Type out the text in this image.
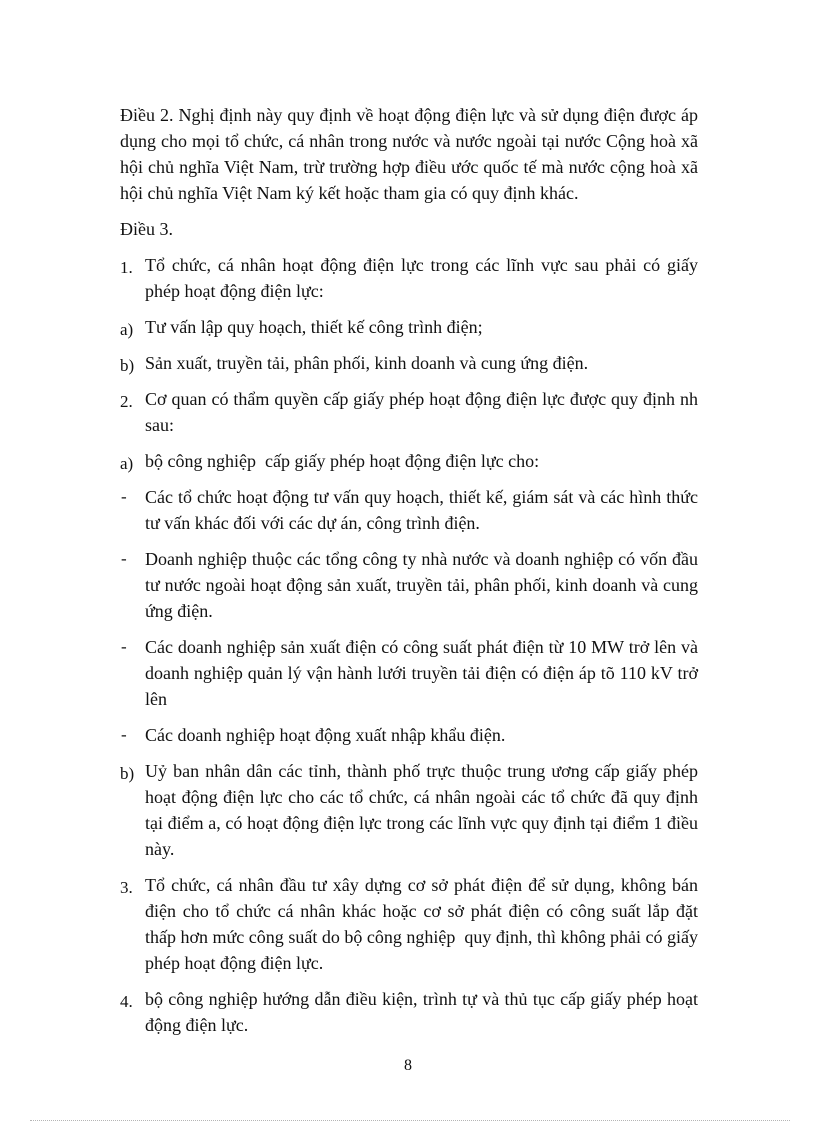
Điều 2. Nghị định này quy định về hoạt động điện lực và sử dụng điện được áp dụng cho mọi tổ chức, cá nhân trong nước và nước ngoài tại nước Cộng hoà xã hội chủ nghĩa Việt Nam, trừ trường hợp điều ước quốc tế mà nước cộng hoà xã hội chủ nghĩa Việt Nam ký kết hoặc tham gia có quy định khác.

Điều 3.

1. Tổ chức, cá nhân hoạt động điện lực trong các lĩnh vực sau phải có giấy phép hoạt động điện lực:
a) Tư vấn lập quy hoạch, thiết kế công trình điện;
b) Sản xuất, truyền tải, phân phối, kinh doanh và cung ứng điện.
2. Cơ quan có thẩm quyền cấp giấy phép hoạt động điện lực được quy định nh   sau:
a) bộ công nghiệp  cấp giấy phép hoạt động điện lực cho:
- Các tổ chức hoạt động tư vấn quy hoạch, thiết kế, giám sát và các hình thức tư vấn khác đối với các dự án, công trình điện.
- Doanh nghiệp thuộc các tổng công ty nhà nước và doanh nghiệp có vốn đầu tư nước ngoài hoạt động sản xuất, truyền tải, phân phối, kinh doanh và cung ứng điện.
- Các doanh nghiệp sản xuất điện có công suất phát điện từ 10 MW trở lên và doanh nghiệp quản lý vận hành lưới truyền tải điện có điện áp tõ 110 kV trở lên
- Các doanh nghiệp hoạt động xuất nhập khẩu điện.
b) Uỷ ban nhân dân các tỉnh, thành phố trực thuộc trung ương cấp giấy phép hoạt động điện lực cho các tổ chức, cá nhân ngoài các tổ chức đã quy định tại điểm a, có hoạt động điện lực trong các lĩnh vực quy định tại điểm 1 điều này.
3. Tổ chức, cá nhân đầu tư xây dựng cơ sở phát điện để sử dụng, không bán điện cho tổ chức cá nhân khác hoặc cơ sở phát điện có công suất lắp đặt thấp hơn mức công suất do bộ công nghiệp  quy định, thì không phải có giấy phép hoạt động điện lực.
4. bộ công nghiệp hướng dẫn điều kiện, trình tự và thủ tục cấp giấy phép hoạt động điện lực.
8
